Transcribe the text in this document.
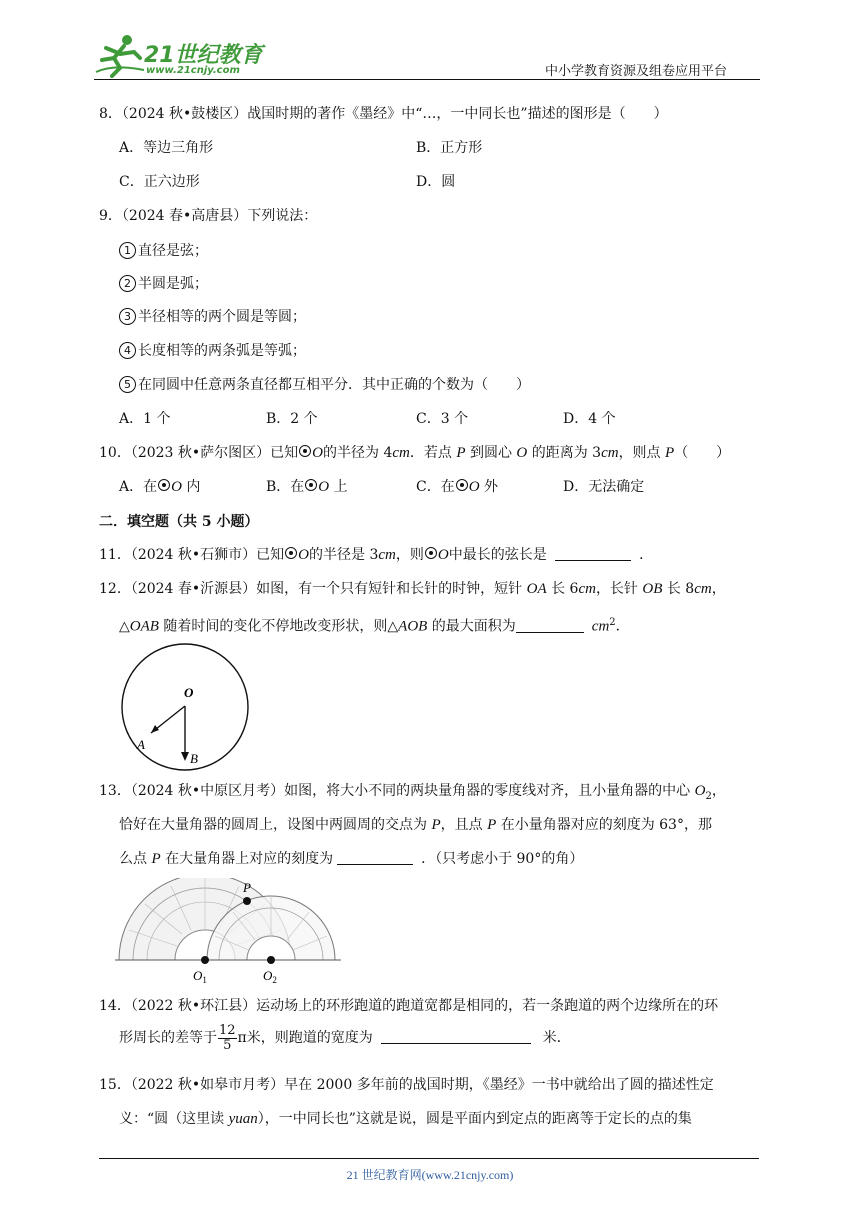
21世纪教育
www.21cnjy.com	中小学教育资源及组卷应用平台
8．（2024 秋•鼓楼区）战国时期的著作《墨经》中“…，一中同长也”描述的图形是（　　）
A．等边三角形	B．正方形
C．正六边形	D．圆
9．（2024 春•高唐县）下列说法：
1 直径是弦；
2 半圆是弧；
3 半径相等的两个圆是等圆；
4 长度相等的两条弧是等弧；
5 在同圆中任意两条直径都互相平分．其中正确的个数为（　　）
A．1 个	B．2 个	C．3 个	D．4 个
10．（2023 秋•萨尔图区）已知 O的半径为 4cm．若点 P 到圆心 O 的距离为 3cm，则点 P（　　）
A．在 O 内	B．在 O 上	C．在 O 外	D．无法确定
二．填空题（共 5 小题）
11．（2024 秋•石狮市）已知 O的半径是 3cm，则 O中最长的弦长是	．
12．（2024 春•沂源县）如图，有一个只有短针和长针的时钟，短针 OA 长 6cm，长针 OB 长 8cm，
△OAB 随着时间的变化不停地改变形状，则△AOB 的最大面积为	$cm^2$．
O
A
B
13．（2024 秋•中原区月考）如图，将大小不同的两块量角器的零度线对齐，且小量角器的中心 $O_2$，
恰好在大量角器的圆周上，设图中两圆周的交点为 P，且点 P 在小量角器对应的刻度为 63°，那
么点 P 在大量角器上对应的刻度为	．（只考虑小于 90°的角）
P
$O_1$	$O_2$
14．（2022 秋•环江县）运动场上的环形跑道的跑道宽都是相同的，若一条跑道的两个边缘所在的环
形周长的差等于 $\frac{12}{5}$ π米，则跑道的宽度为	米．
15．（2022 秋•如皋市月考）早在 2000 多年前的战国时期，《墨经》一书中就给出了圆的描述性定
义：“圆（这里读 yuan），一中同长也”这就是说，圆是平面内到定点的距离等于定长的点的集
21 世纪教育网(www.21cnjy.com)
